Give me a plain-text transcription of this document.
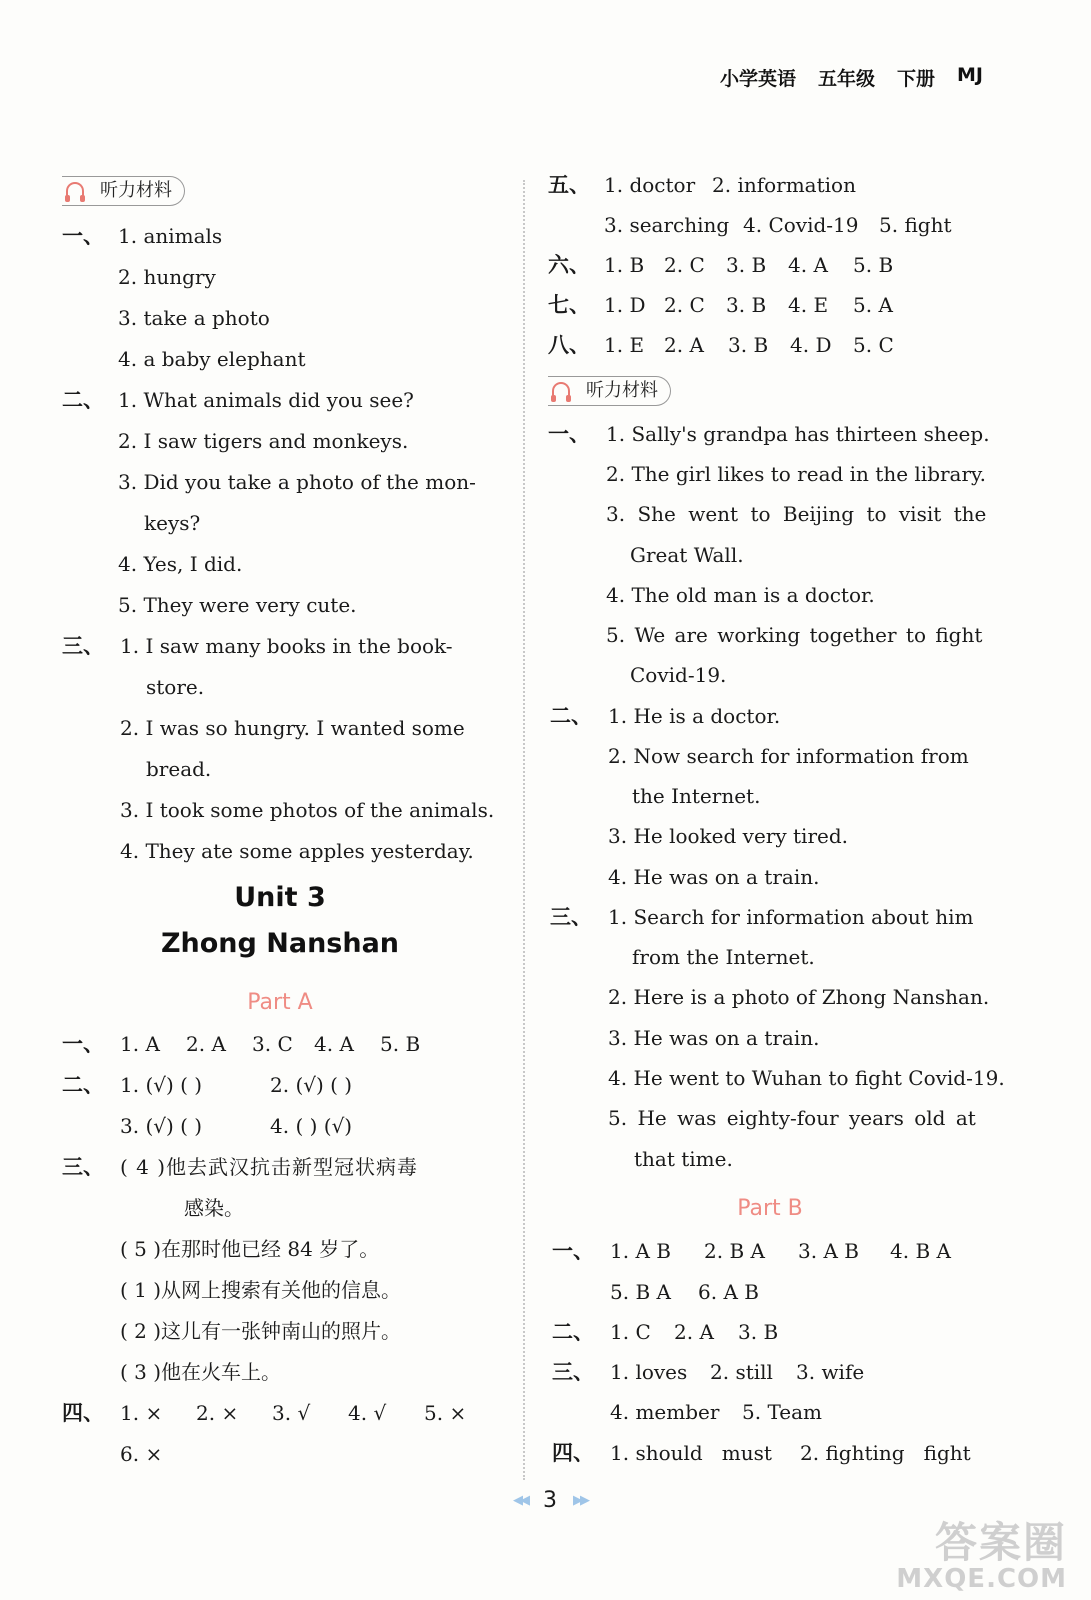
小学英语 五年级 下册 MJ
听力材料
一、 1. animals
2. hungry
3. take a photo
4. a baby elephant
二、 1. What animals did you see?
2. I saw tigers and monkeys.
3. Did you take a photo of the mon-
keys?
4. Yes, I did.
5. They were very cute.
三、 1. I saw many books in the book-
store.
2. I was so hungry. I wanted some
bread.
3. I took some photos of the animals.
4. They ate some apples yesterday.
Unit 3
Zhong Nanshan
Part A
一、 1. A 2. A 3. C 4. A 5. B
二、 1. (√) ( )	2. (√) ( )
3. (√) ( )	4. ( ) (√)
三、 ( 4 )他去武汉抗击新型冠状病毒
感染。
( 5 )在那时他已经 84 岁了。
( 1 )从网上搜索有关他的信息。
( 2 )这儿有一张钟南山的照片。
( 3 )他在火车上。
四、 1. × 2. × 3. √ 4. √ 5. ×
6. ×
五、 1. doctor 2. information
3. searching 4. Covid-19 5. fight
六、 1. B 2. C 3. B 4. A 5. B
七、 1. D 2. C 3. B 4. E 5. A
八、 1. E 2. A 3. B 4. D 5. C
听力材料
一、 1. Sally's grandpa has thirteen sheep.
2. The girl likes to read in the library.
3. She went to Beijing to visit the
Great Wall.
4. The old man is a doctor.
5. We are working together to fight
Covid-19.
二、 1. He is a doctor.
2. Now search for information from
the Internet.
3. He looked very tired.
4. He was on a train.
三、 1. Search for information about him
from the Internet.
2. Here is a photo of Zhong Nanshan.
3. He was on a train.
4. He went to Wuhan to fight Covid-19.
5. He was eighty-four years old at
that time.
Part B
一、 1. A B 2. B A 3. A B 4. B A
5. B A 6. A B
二、 1. C 2. A 3. B
三、 1. loves 2. still 3. wife
4. member 5. Team
四、 1. should   must 2. fighting   fight
◀◀ 3 ▶▶
答案圈
MXQE.COM
